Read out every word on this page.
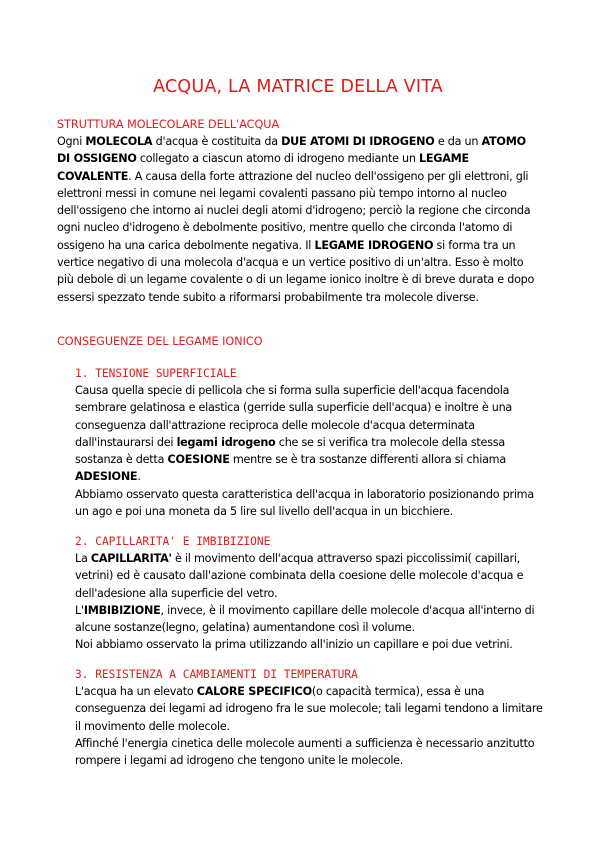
ACQUA, LA MATRICE DELLA VITA
STRUTTURA MOLECOLARE DELL'ACQUA

Ogni MOLECOLA d'acqua è costituita da DUE ATOMI DI IDROGENO e da un ATOMO DI OSSIGENO collegato a ciascun atomo di idrogeno mediante un LEGAME COVALENTE. A causa della forte attrazione del nucleo dell'ossigeno per gli elettroni, gli elettroni messi in comune nei legami covalenti passano più tempo intorno al nucleo dell'ossigeno che intorno ai nuclei degli atomi d'idrogeno; perciò la regione che circonda ogni nucleo d'idrogeno è debolmente positivo, mentre quello che circonda l'atomo di ossigeno ha una carica debolmente negativa. Il LEGAME IDROGENO si forma tra un vertice negativo di una molecola d'acqua e un vertice positivo di un'altra. Esso è molto più debole di un legame covalente o di un legame ionico inoltre è di breve durata e dopo essersi spezzato tende subito a riformarsi probabilmente tra molecole diverse.

CONSEGUENZE DEL LEGAME IONICO
1. TENSIONE SUPERFICIALE

Causa quella specie di pellicola che si forma sulla superficie dell'acqua facendola sembrare gelatinosa e elastica (gerride sulla superficie dell'acqua) e inoltre è una conseguenza dall'attrazione reciproca delle molecole d'acqua determinata dall'instaurarsi dei legami idrogeno che se si verifica tra molecole della stessa sostanza è detta COESIONE mentre se è tra sostanze differenti allora si chiama ADESIONE.

Abbiamo osservato questa caratteristica dell'acqua in laboratorio posizionando prima un ago e poi una moneta da 5 lire sul livello dell'acqua in un bicchiere.

2. CAPILLARITA' E IMBIBIZIONE

La CAPILLARITA' è il movimento dell'acqua attraverso spazi piccolissimi( capillari, vetrini) ed è causato dall'azione combinata della coesione delle molecole d'acqua e dell'adesione alla superficie del vetro.

L'IMBIBIZIONE, invece, è il movimento capillare delle molecole d'acqua all'interno di alcune sostanze(legno, gelatina) aumentandone così il volume.

Noi abbiamo osservato la prima utilizzando all'inizio un capillare e poi due vetrini.

3. RESISTENZA A CAMBIAMENTI DI TEMPERATURA

L'acqua ha un elevato CALORE SPECIFICO(o capacità termica), essa è una conseguenza dei legami ad idrogeno fra le sue molecole; tali legami tendono a limitare il movimento delle molecole.

Affinché l'energia cinetica delle molecole aumenti a sufficienza è necessario anzitutto rompere i legami ad idrogeno che tengono unite le molecole.
